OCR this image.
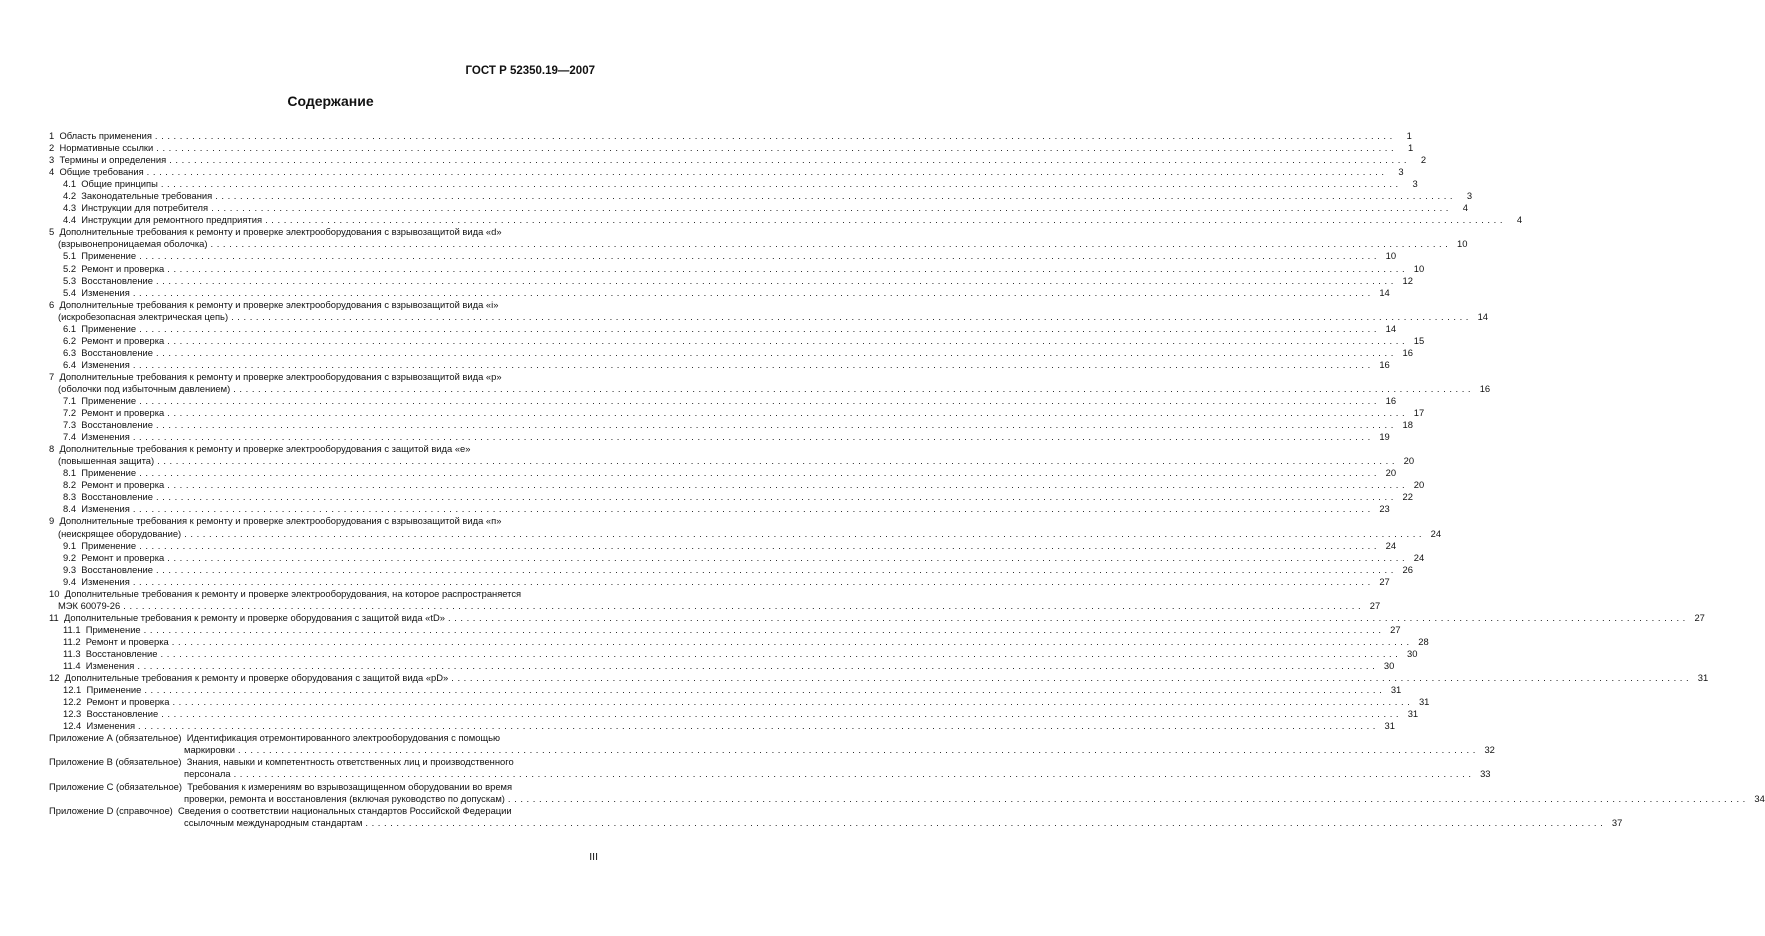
ГОСТ Р 52350.19—2007
Содержание
1
Область применения ........................................................................................................................................................................................................	1
2
Нормативные ссылки ........................................................................................................................................................................................................	1
3
Термины и определения ........................................................................................................................................................................................................	2
4
Общие требования ........................................................................................................................................................................................................	3
4.1
Общие принципы ........................................................................................................................................................................................................	3
4.2
Законодательные требования ........................................................................................................................................................................................................	3
4.3
Инструкции для потребителя ........................................................................................................................................................................................................	4
4.4
Инструкции для ремонтного предприятия ........................................................................................................................................................................................................	4
5
Дополнительные требования к ремонту и проверке электрооборудования с взрывозащитой вида «d»
(взрывонепроницаемая оболочка) ........................................................................................................................................................................................................ 10
5.1
Применение ........................................................................................................................................................................................................ 10
5.2
Ремонт и проверка ........................................................................................................................................................................................................ 10
5.3
Восстановление ........................................................................................................................................................................................................ 12
5.4
Изменения ........................................................................................................................................................................................................ 14
6
Дополнительные требования к ремонту и проверке электрооборудования с взрывозащитой вида «i»
(искробезопасная электрическая цепь) ........................................................................................................................................................................................................ 14
6.1
Применение ........................................................................................................................................................................................................ 14
6.2
Ремонт и проверка ........................................................................................................................................................................................................ 15
6.3
Восстановление ........................................................................................................................................................................................................ 16
6.4
Изменения ........................................................................................................................................................................................................ 16
7
Дополнительные требования к ремонту и проверке электрооборудования с взрывозащитой вида «р»
(оболочки под избыточным давлением) ........................................................................................................................................................................................................ 16
7.1
Применение ........................................................................................................................................................................................................ 16
7.2
Ремонт и проверка ........................................................................................................................................................................................................ 17
7.3
Восстановление ........................................................................................................................................................................................................ 18
7.4
Изменения ........................................................................................................................................................................................................ 19
8
Дополнительные требования к ремонту и проверке электрооборудования с защитой вида «е»
(повышенная защита) ........................................................................................................................................................................................................ 20
8.1
Применение ........................................................................................................................................................................................................ 20
8.2
Ремонт и проверка ........................................................................................................................................................................................................ 20
8.3
Восстановление ........................................................................................................................................................................................................ 22
8.4
Изменения ........................................................................................................................................................................................................ 23
9
Дополнительные требования к ремонту и проверке электрооборудования с взрывозащитой вида «п»
(неискрящее оборудование) ........................................................................................................................................................................................................ 24
9.1
Применение ........................................................................................................................................................................................................ 24
9.2
Ремонт и проверка ........................................................................................................................................................................................................ 24
9.3
Восстановление ........................................................................................................................................................................................................ 26
9.4
Изменения ........................................................................................................................................................................................................ 27
10
Дополнительные требования к ремонту и проверке электрооборудования, на которое распространяется
МЭК 60079-26 ........................................................................................................................................................................................................ 27
11
Дополнительные требования к ремонту и проверке оборудования с защитой вида «tD» ........................................................................................................................................................................................................ 27
11.1
Применение ........................................................................................................................................................................................................ 27
11.2
Ремонт и проверка ........................................................................................................................................................................................................ 28
11.3
Восстановление ........................................................................................................................................................................................................ 30
11.4
Изменения ........................................................................................................................................................................................................ 30
12
Дополнительные требования к ремонту и проверке оборудования с защитой вида «pD» ........................................................................................................................................................................................................ 31
12.1
Применение ........................................................................................................................................................................................................ 31
12.2
Ремонт и проверка ........................................................................................................................................................................................................ 31
12.3
Восстановление ........................................................................................................................................................................................................ 31
12.4
Изменения ........................................................................................................................................................................................................ 31
Приложение А (обязательное)
Идентификация отремонтированного электрооборудования с помощью
маркировки ........................................................................................................................................................................................................ 32
Приложение В (обязательное)
Знания, навыки и компетентность ответственных лиц и производственного
персонала ........................................................................................................................................................................................................ 33
Приложение С (обязательное)
Требования к измерениям во взрывозащищенном оборудовании во время
проверки, ремонта и восстановления (включая руководство по допускам) ........................................................................................................................................................................................................ 34
Приложение D (справочное)
Сведения о соответствии национальных стандартов Российской Федерации
ссылочным международным стандартам ........................................................................................................................................................................................................ 37
III
